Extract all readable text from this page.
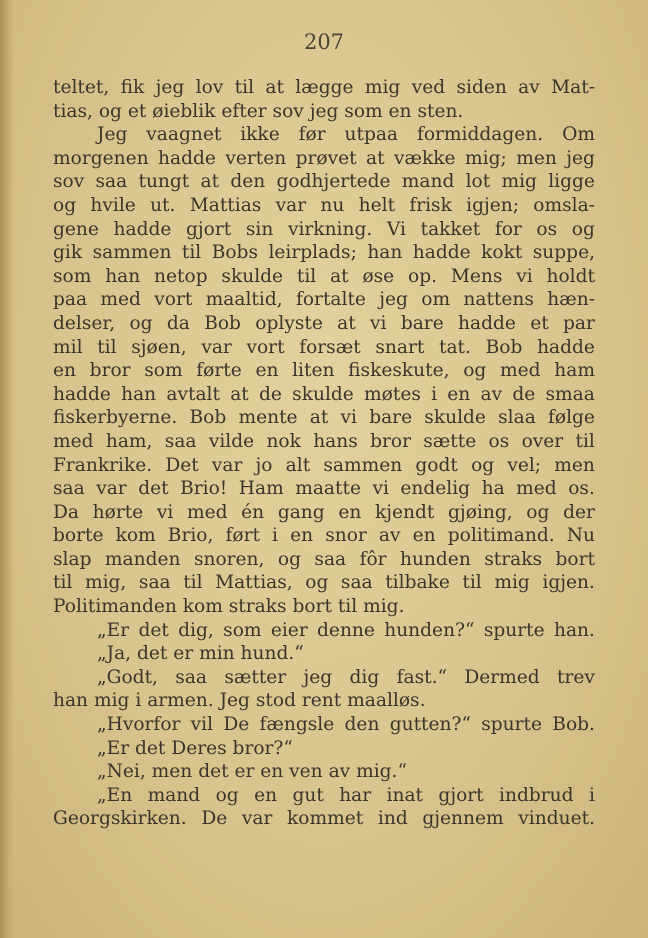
207
teltet, fik jeg lov til at lægge mig ved siden av Mat-
tias, og et øieblik efter sov jeg som en sten.
Jeg vaagnet ikke før utpaa formiddagen. Om
morgenen hadde verten prøvet at vække mig; men jeg
sov saa tungt at den godhjertede mand lot mig ligge
og hvile ut. Mattias var nu helt frisk igjen; omsla-
gene hadde gjort sin virkning. Vi takket for os og
gik sammen til Bobs leirplads; han hadde kokt suppe,
som han netop skulde til at øse op. Mens vi holdt
paa med vort maaltid, fortalte jeg om nattens hæn-
delser, og da Bob oplyste at vi bare hadde et par
mil til sjøen, var vort forsæt snart tat. Bob hadde
en bror som førte en liten fiskeskute, og med ham
hadde han avtalt at de skulde møtes i en av de smaa
fiskerbyerne. Bob mente at vi bare skulde slaa følge
med ham, saa vilde nok hans bror sætte os over til
Frankrike. Det var jo alt sammen godt og vel; men
saa var det Brio! Ham maatte vi endelig ha med os.
Da hørte vi med én gang en kjendt gjøing, og der
borte kom Brio, ført i en snor av en politimand. Nu
slap manden snoren, og saa fôr hunden straks bort
til mig, saa til Mattias, og saa tilbake til mig igjen.
Politimanden kom straks bort til mig.
„Er det dig, som eier denne hunden?“ spurte han.
„Ja, det er min hund.“
„Godt, saa sætter jeg dig fast.“ Dermed trev
han mig i armen. Jeg stod rent maalløs.
„Hvorfor vil De fængsle den gutten?“ spurte Bob.
„Er det Deres bror?“
„Nei, men det er en ven av mig.“
„En mand og en gut har inat gjort indbrud i
Georgskirken. De var kommet ind gjennem vinduet.
